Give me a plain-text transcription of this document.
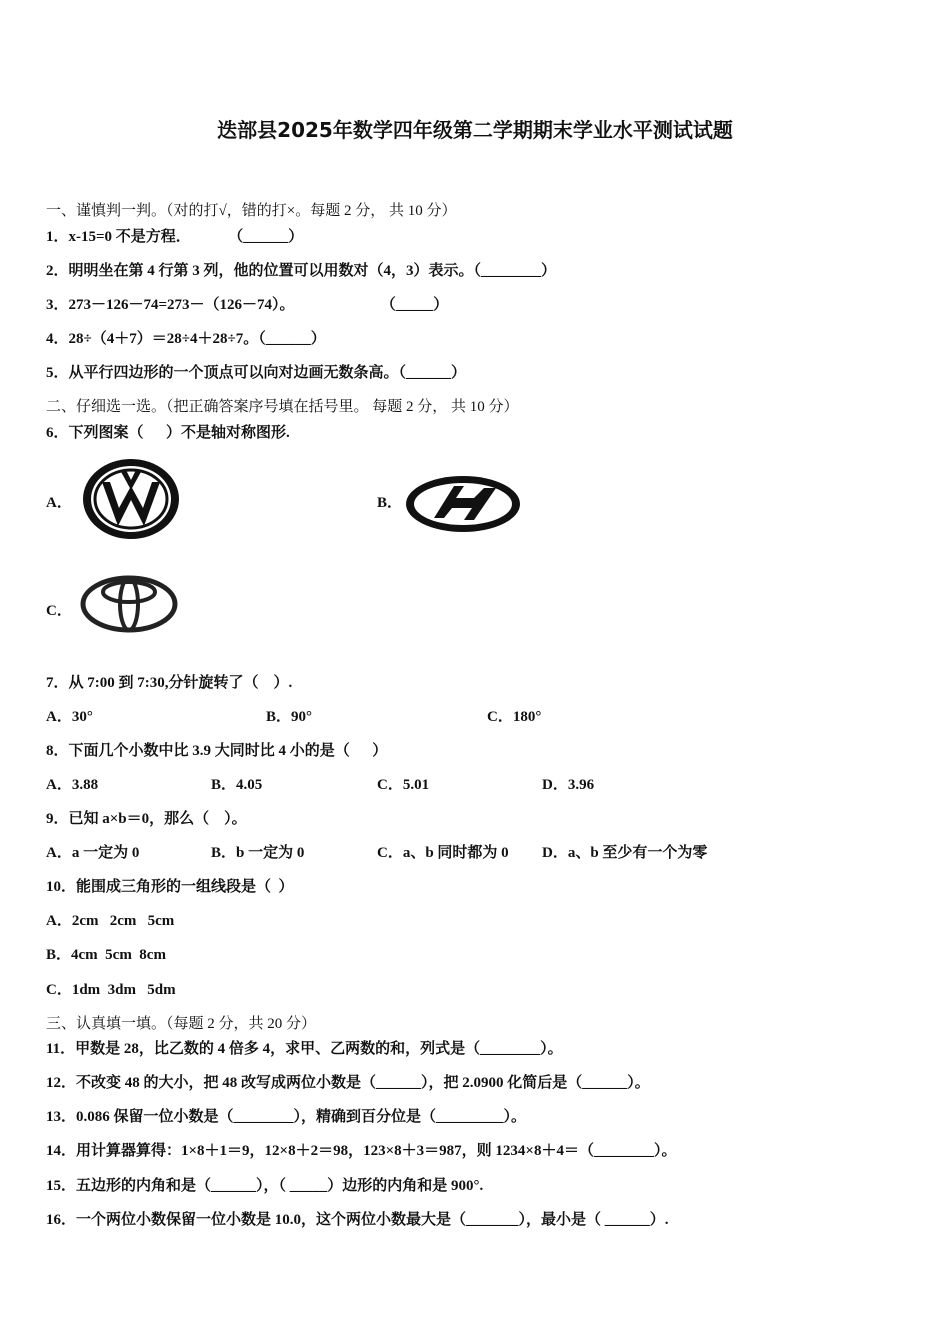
迭部县2025年数学四年级第二学期期末学业水平测试试题
一、谨慎判一判。（对的打√，错的打×。每题 2 分， 共 10 分）
1．x-15=0 不是方程．          （______）
2．明明坐在第 4 行第 3 列，他的位置可以用数对（4，3）表示。（________）
3．273－126－74=273－（126－74）。                       （_____）
4．28÷（4＋7）＝28÷4＋28÷7。（______）
5．从平行四边形的一个顶点可以向对边画无数条高。（______）
二、仔细选一选。（把正确答案序号填在括号里。 每题 2 分， 共 10 分）
6．下列图案（      ）不是轴对称图形.
A．	B．
C．
7．从 7:00 到 7:30,分针旋转了（    ）.
A．30°	B．90°	C．180°
8．下面几个小数中比 3.9 大同时比 4 小的是（      ）
A．3.88	B．4.05	C．5.01	D．3.96
9．已知 a×b＝0，那么（    ）。
A．a 一定为 0	B．b 一定为 0	C．a、b 同时都为 0 D．a、b 至少有一个为零
10．能围成三角形的一组线段是（  ）
A．2cm   2cm   5cm
B．4cm  5cm  8cm
C．1dm  3dm   5dm
三、认真填一填。（每题 2 分，共 20 分）
11．甲数是 28，比乙数的 4 倍多 4，求甲、乙两数的和，列式是（________）。
12．不改变 48 的大小，把 48 改写成两位小数是（______），把 2.0900 化简后是（______）。
13．0.086 保留一位小数是（________），精确到百分位是（_________）。
14．用计算器算得：1×8＋1＝9，12×8＋2＝98，123×8＋3＝987，则 1234×8＋4＝（________）。
15．五边形的内角和是（______），（ _____）边形的内角和是 900°.
16．一个两位小数保留一位小数是 10.0，这个两位小数最大是（_______），最小是（ ______）.
